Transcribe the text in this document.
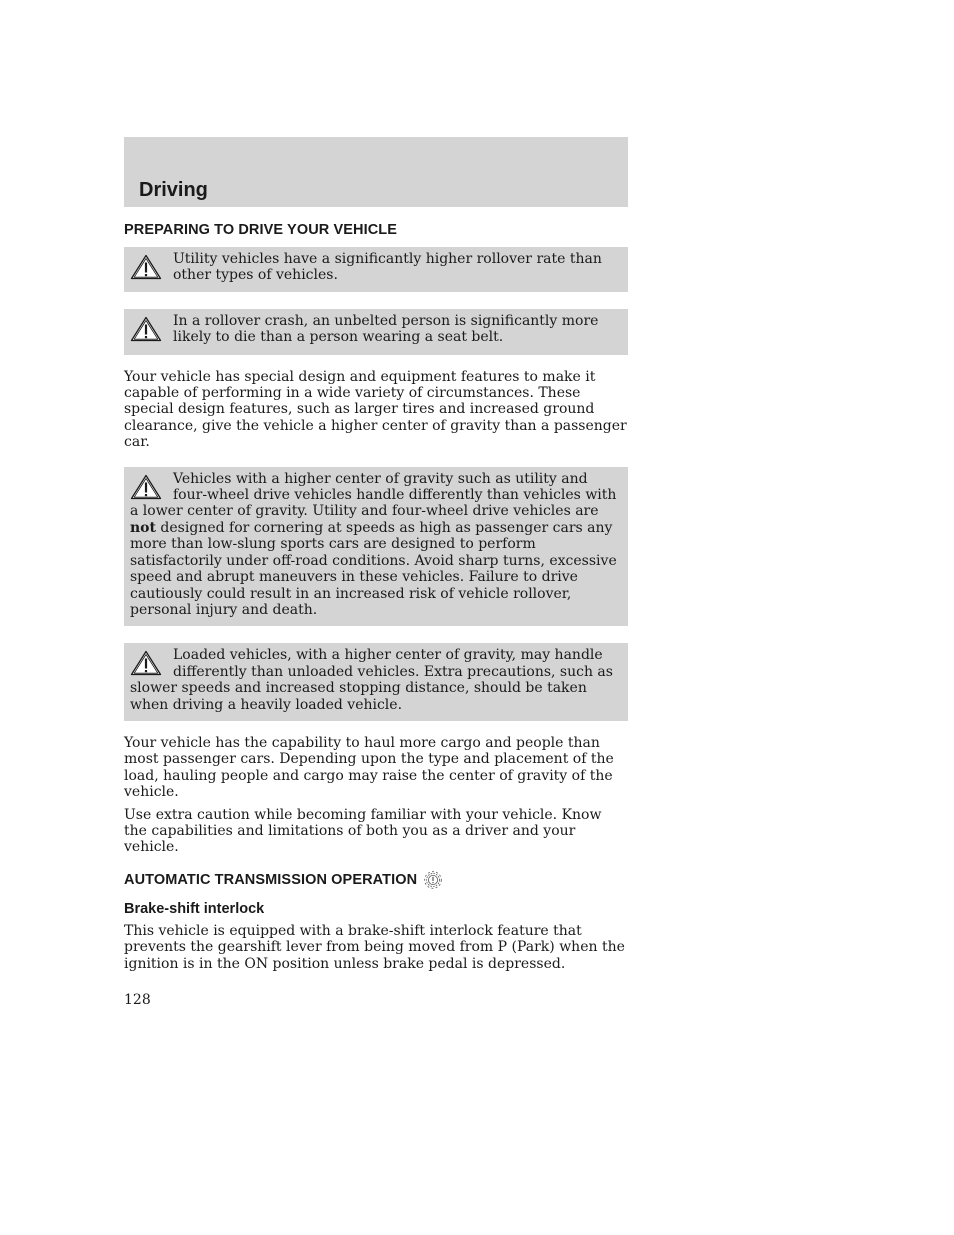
Driving
PREPARING TO DRIVE YOUR VEHICLE

Utility vehicles have a significantly higher rollover rate than other types of vehicles.

In a rollover crash, an unbelted person is significantly more likely to die than a person wearing a seat belt.

Your vehicle has special design and equipment features to make it capable of performing in a wide variety of circumstances. These special design features, such as larger tires and increased ground clearance, give the vehicle a higher center of gravity than a passenger car.

Vehicles with a higher center of gravity such as utility and four-wheel drive vehicles handle differently than vehicles with a lower center of gravity. Utility and four-wheel drive vehicles are not designed for cornering at speeds as high as passenger cars any more than low-slung sports cars are designed to perform satisfactorily under off-road conditions. Avoid sharp turns, excessive speed and abrupt maneuvers in these vehicles. Failure to drive cautiously could result in an increased risk of vehicle rollover, personal injury and death.

Loaded vehicles, with a higher center of gravity, may handle differently than unloaded vehicles. Extra precautions, such as slower speeds and increased stopping distance, should be taken when driving a heavily loaded vehicle.

Your vehicle has the capability to haul more cargo and people than most passenger cars. Depending upon the type and placement of the load, hauling people and cargo may raise the center of gravity of the vehicle.

Use extra caution while becoming familiar with your vehicle. Know the capabilities and limitations of both you as a driver and your vehicle.

AUTOMATIC TRANSMISSION OPERATION
Brake-shift interlock

This vehicle is equipped with a brake-shift interlock feature that prevents the gearshift lever from being moved from P (Park) when the ignition is in the ON position unless brake pedal is depressed.

128
